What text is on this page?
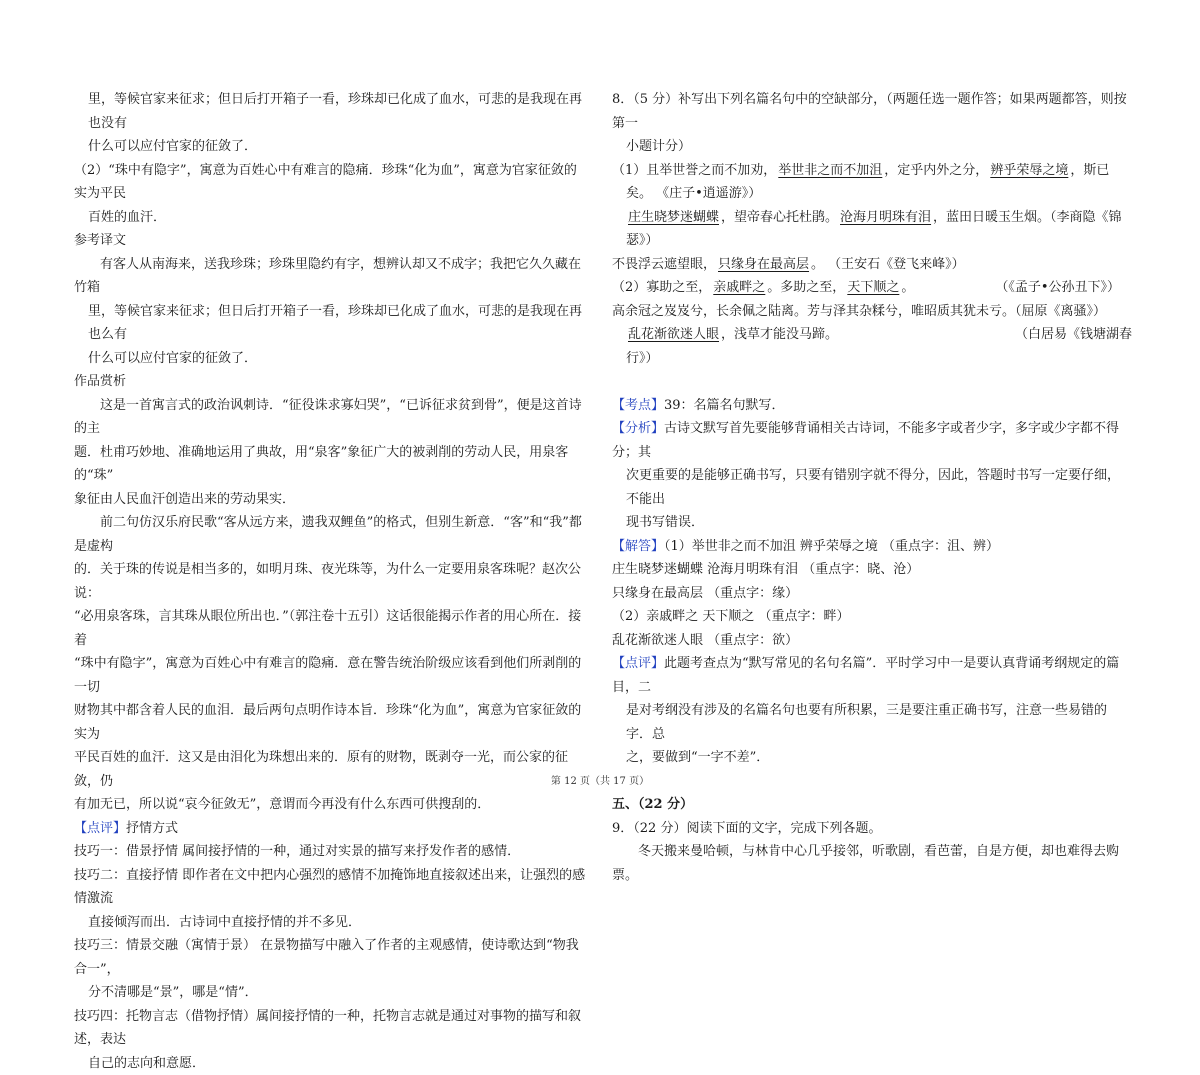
里，等候官家来征求；但日后打开箱子一看，珍珠却已化成了血水，可悲的是我现在再也没有

什么可以应付官家的征敛了．

（2）“珠中有隐字”，寓意为百姓心中有难言的隐痛．珍珠“化为血”，寓意为官家征敛的实为平民

百姓的血汗．

参考译文

有客人从南海来，送我珍珠；珍珠里隐约有字，想辨认却又不成字；我把它久久藏在竹箱

里，等候官家来征求；但日后打开箱子一看，珍珠却已化成了血水，可悲的是我现在再也么有

什么可以应付官家的征敛了．

作品赏析

这是一首寓言式的政治讽刺诗．“征役诛求寡妇哭”，“已诉征求贫到骨”，便是这首诗的主

题．杜甫巧妙地、准确地运用了典故，用“泉客”象征广大的被剥削的劳动人民，用泉客的“珠”

象征由人民血汗创造出来的劳动果实．

前二句仿汉乐府民歌“客从远方来，遗我双鲤鱼”的格式，但别生新意．“客”和“我”都是虚构

的．关于珠的传说是相当多的，如明月珠、夜光珠等，为什么一定要用泉客珠呢？赵次公说：

“必用泉客珠，言其珠从眼位所出也．”（郭注卷十五引）这话很能揭示作者的用心所在．接着

“珠中有隐字”，寓意为百姓心中有难言的隐痛．意在警告统治阶级应该看到他们所剥削的一切

财物其中都含着人民的血泪．最后两句点明作诗本旨．珍珠“化为血”，寓意为官家征敛的实为

平民百姓的血汗．这又是由泪化为珠想出来的．原有的财物，既剥夺一光，而公家的征敛，仍

有加无已，所以说“哀今征敛无”，意谓而今再没有什么东西可供搜刮的．

【点评】抒情方式

技巧一：借景抒情 属间接抒情的一种，通过对实景的描写来抒发作者的感情．

技巧二：直接抒情 即作者在文中把内心强烈的感情不加掩饰地直接叙述出来，让强烈的感情激流

直接倾泻而出．古诗词中直接抒情的并不多见．

技巧三：情景交融（寓情于景） 在景物描写中融入了作者的主观感情，使诗歌达到“物我合一”，

分不清哪是“景”，哪是“情”．

技巧四：托物言志（借物抒情）属间接抒情的一种，托物言志就是通过对事物的描写和叙述，表达

自己的志向和意愿．

8．（5 分）补写出下列名篇名句中的空缺部分，（两题任选一题作答；如果两题都答，则按第一

小题计分）

（1）且举世誉之而不加劝， 举世非之而不加沮 ，定乎内外之分， 辨乎荣辱之境 ，斯已

矣。 《庄子•逍遥游》）

庄生晓梦迷蝴蝶 ，望帝春心托杜鹃。 沧海月明珠有泪 ，蓝田日暖玉生烟。（李商隐《锦

瑟》）

不畏浮云遮望眼， 只缘身在最高层 。 （王安石《登飞来峰》）

（2）寡助之至， 亲戚畔之 。多助之至， 天下顺之 。	（《孟子•公孙丑下》）

高余冠之岌岌兮，长余佩之陆离。芳与泽其杂糅兮，唯昭质其犹未亏。（屈原《离骚》）

乱花渐欲迷人眼 ，浅草才能没马蹄。	（白居易《钱塘湖春

行》）

【考点】39：名篇名句默写．

【分析】古诗文默写首先要能够背诵相关古诗词，不能多字或者少字，多字或少字都不得分；其

次更重要的是能够正确书写，只要有错别字就不得分，因此，答题时书写一定要仔细，不能出

现书写错误．

【解答】（1）举世非之而不加沮 辨乎荣辱之境 （重点字：沮、辨）

庄生晓梦迷蝴蝶 沧海月明珠有泪 （重点字：晓、沧）

只缘身在最高层 （重点字：缘）

（2）亲戚畔之 天下顺之 （重点字：畔）

乱花渐欲迷人眼 （重点字：欲）

【点评】此题考查点为“默写常见的名句名篇”．平时学习中一是要认真背诵考纲规定的篇目，二

是对考纲没有涉及的名篇名句也要有所积累，三是要注重正确书写，注意一些易错的字．总

之，要做到“一字不差”．

五、（22 分）

9．（22 分）阅读下面的文字，完成下列各题。

冬天搬来曼哈顿，与林肯中心几乎接邻，听歌剧，看芭蕾，自是方便，却也难得去购票。

第 12 页（共 17 页）
